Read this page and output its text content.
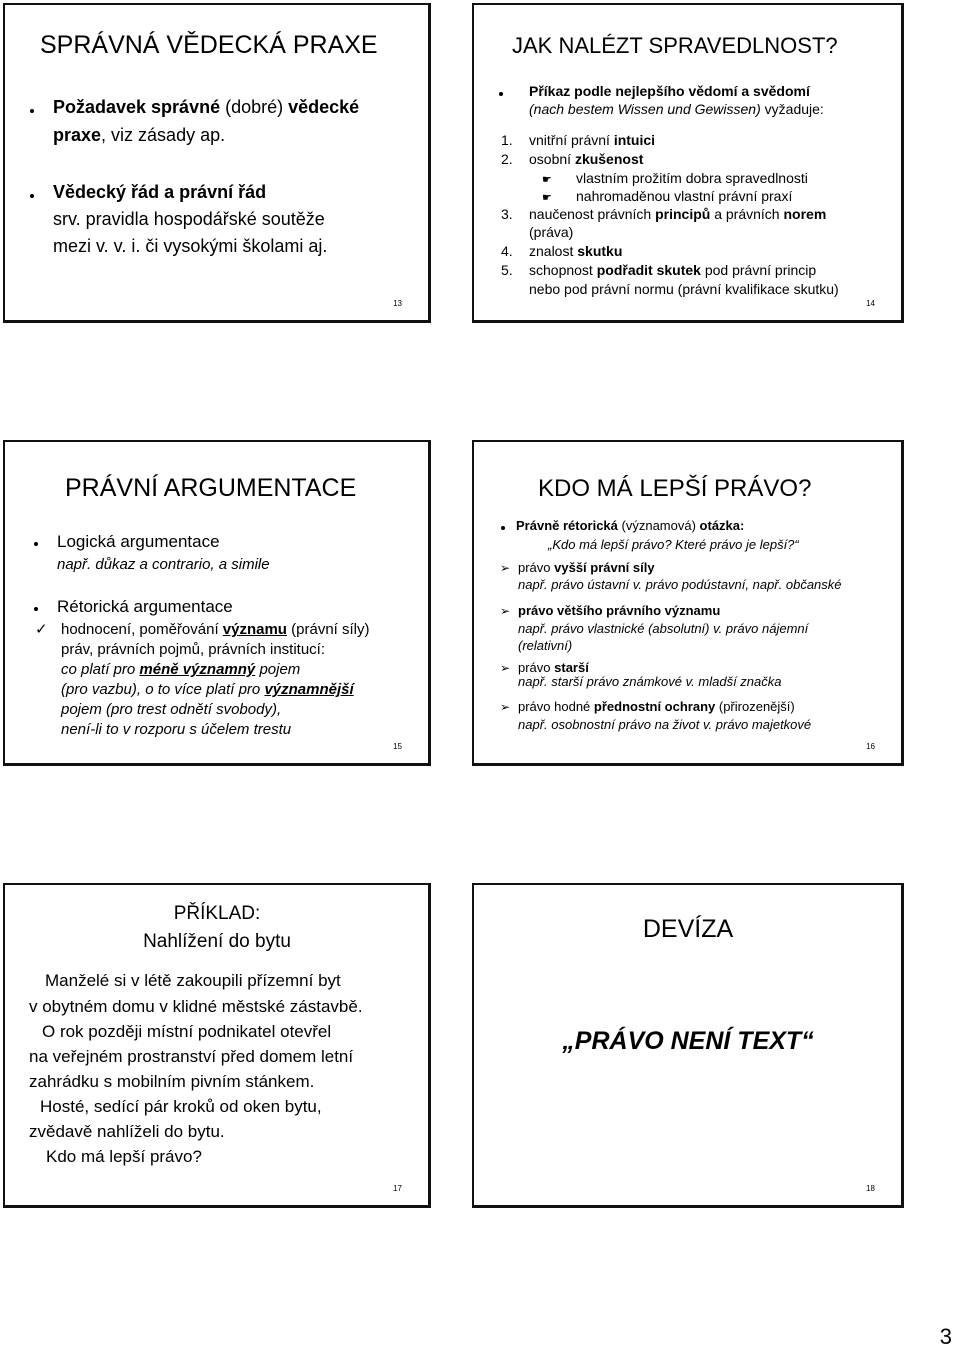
SPRÁVNÁ VĚDECKÁ PRAXE
Požadavek správné (dobré) vědecké
praxe, viz zásady ap.
Vědecký řád a právní řád
srv. pravidla hospodářské soutěže
mezi v. v. i. či vysokými školami aj.
13
JAK NALÉZT SPRAVEDLNOST?
Příkaz podle nejlepšího vědomí a svědomí
(nach bestem Wissen und Gewissen) vyžaduje:
1. vnitřní právní intuici
2. osobní zkušenost
☛ vlastním prožitím dobra spravedlnosti
☛ nahromaděnou vlastní právní praxí
3. naučenost právních principů a právních norem
(práva)
4. znalost skutku
5. schopnost podřadit skutek pod právní princip
nebo pod právní normu (právní kvalifikace skutku)
14
PRÁVNÍ ARGUMENTACE
Logická argumentace
např. důkaz a contrario, a simile
Rétorická argumentace
✓ hodnocení, poměřování významu (právní síly)
práv, právních pojmů, právních institucí:
co platí pro méně významný pojem
(pro vazbu), o to více platí pro významnější
pojem (pro trest odnětí svobody),
není-li to v rozporu s účelem trestu
15
KDO MÁ LEPŠÍ PRÁVO?
Právně rétorická (významová) otázka:
„Kdo má lepší právo? Které právo je lepší?“
➢ právo vyšší právní síly
např. právo ústavní v. právo podústavní, např. občanské
➢ právo většího právního významu
např. právo vlastnické (absolutní) v. právo nájemní
(relativní)
➢ právo starší
např. starší právo známkové v. mladší značka
➢ právo hodné přednostní ochrany (přirozenější)
např. osobnostní právo na život v. právo majetkové
16
PŘÍKLAD:
Nahlížení do bytu
Manželé si v létě zakoupili přízemní byt
v obytném domu v klidné městské zástavbě.
O rok později místní podnikatel otevřel
na veřejném prostranství před domem letní
zahrádku s mobilním pivním stánkem.
Hosté, sedící pár kroků od oken bytu,
zvědavě nahlíželi do bytu.
Kdo má lepší právo?
17
DEVÍZA
„PRÁVO NENÍ TEXT“
18
3
